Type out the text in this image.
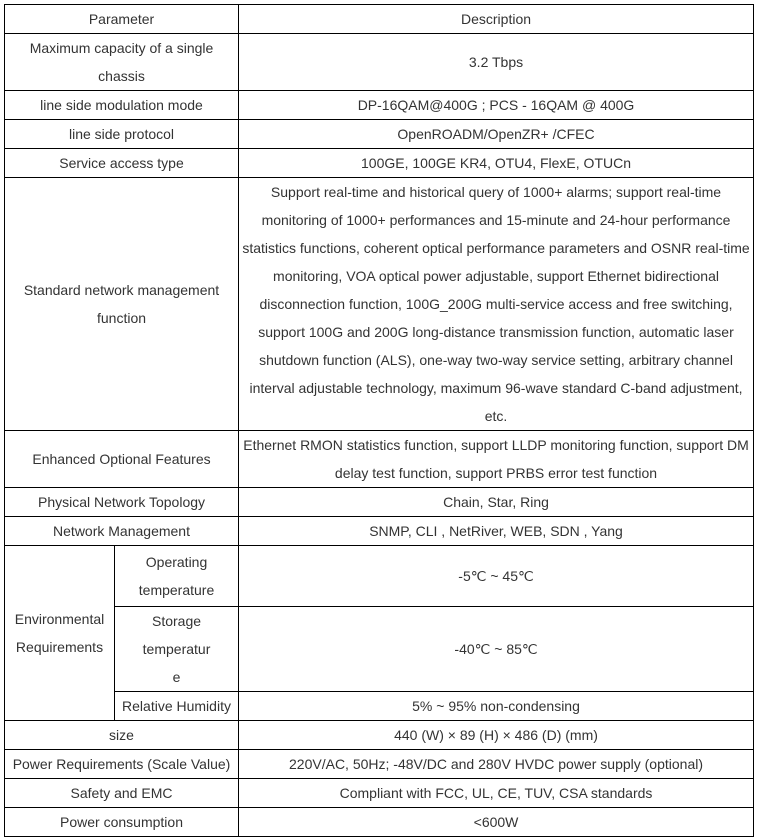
Parameter		Description
Maximum capacity of a single chassis		3.2 Tbps
line side modulation mode		DP-16QAM@400G ; PCS - 16QAM @ 400G
line side protocol		OpenROADM/OpenZR+ /CFEC
Service access type		100GE, 100GE KR4, OTU4, FlexE, OTUCn
Standard network management function		Support real-time and historical query of 1000+ alarms; support real-time monitoring of 1000+ performances and 15-minute and 24-hour performance statistics functions, coherent optical performance parameters and OSNR real-time monitoring, VOA optical power adjustable, support Ethernet bidirectional disconnection function, 100G_200G multi-service access and free switching, support 100G and 200G long-distance transmission function, automatic laser shutdown function (ALS), one-way two-way service setting, arbitrary channel interval adjustable technology, maximum 96-wave standard C-band adjustment, etc.
Enhanced Optional Features		Ethernet RMON statistics function, support LLDP monitoring function, support DM delay test function, support PRBS error test function
Physical Network Topology		Chain, Star, Ring
Network Management		SNMP, CLI , NetRiver, WEB, SDN , Yang
Environmental Requirements	Operating temperature	-5℃ ~ 45℃
	Storage temperature	-40℃ ~ 85℃
	Relative Humidity	5% ~ 95% non-condensing
size		440 (W) × 89 (H) × 486 (D) (mm)
Power Requirements (Scale Value)		220V/AC, 50Hz; -48V/DC and 280V HVDC power supply (optional)
Safety and EMC		Compliant with FCC, UL, CE, TUV, CSA standards
Power consumption		<600W
